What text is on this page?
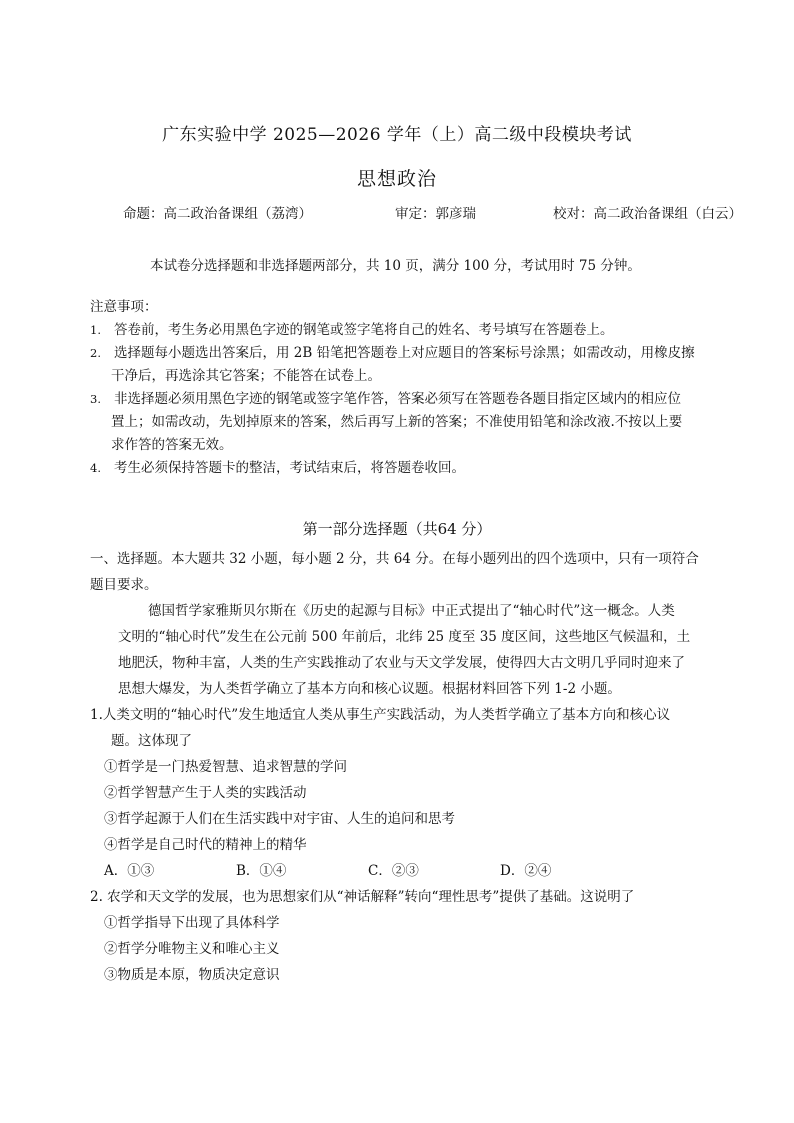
广东实验中学 2025—2026 学年（上）高二级中段模块考试
思想政治
命题：高二政治备课组（荔湾）	审定：郭彦瑞	校对：高二政治备课组（白云）
本试卷分选择题和非选择题两部分，共 10 页，满分 100 分，考试用时 75 分钟。
注意事项：
1. 答卷前，考生务必用黑色字迹的钢笔或签字笔将自己的姓名、考号填写在答题卷上。
2. 选择题每小题选出答案后，用 2B 铅笔把答题卷上对应题目的答案标号涂黑；如需改动，用橡皮擦
干净后，再选涂其它答案；不能答在试卷上。
3. 非选择题必须用黑色字迹的钢笔或签字笔作答，答案必须写在答题卷各题目指定区域内的相应位
置上；如需改动，先划掉原来的答案，然后再写上新的答案；不准使用铅笔和涂改液.不按以上要
求作答的答案无效。
4. 考生必须保持答题卡的整洁，考试结束后，将答题卷收回。
第一部分选择题（共64 分）
一、选择题。本大题共 32 小题，每小题 2 分，共 64 分。在每小题列出的四个选项中，只有一项符合
题目要求。
德国哲学家雅斯贝尔斯在《历史的起源与目标》中正式提出了“轴心时代”这一概念。人类
文明的“轴心时代”发生在公元前 500 年前后，北纬 25 度至 35 度区间，这些地区气候温和，土
地肥沃，物种丰富，人类的生产实践推动了农业与天文学发展，使得四大古文明几乎同时迎来了
思想大爆发，为人类哲学确立了基本方向和核心议题。根据材料回答下列 1-2 小题。
1.人类文明的“轴心时代”发生地适宜人类从事生产实践活动，为人类哲学确立了基本方向和核心议
题。这体现了
①哲学是一门热爱智慧、追求智慧的学问
②哲学智慧产生于人类的实践活动
③哲学起源于人们在生活实践中对宇宙、人生的追问和思考
④哲学是自己时代的精神上的精华
A．①③	B．①④	C．②③	D．②④
2. 农学和天文学的发展，也为思想家们从“神话解释”转向“理性思考”提供了基础。这说明了
①哲学指导下出现了具体科学
②哲学分唯物主义和唯心主义
③物质是本原，物质决定意识
